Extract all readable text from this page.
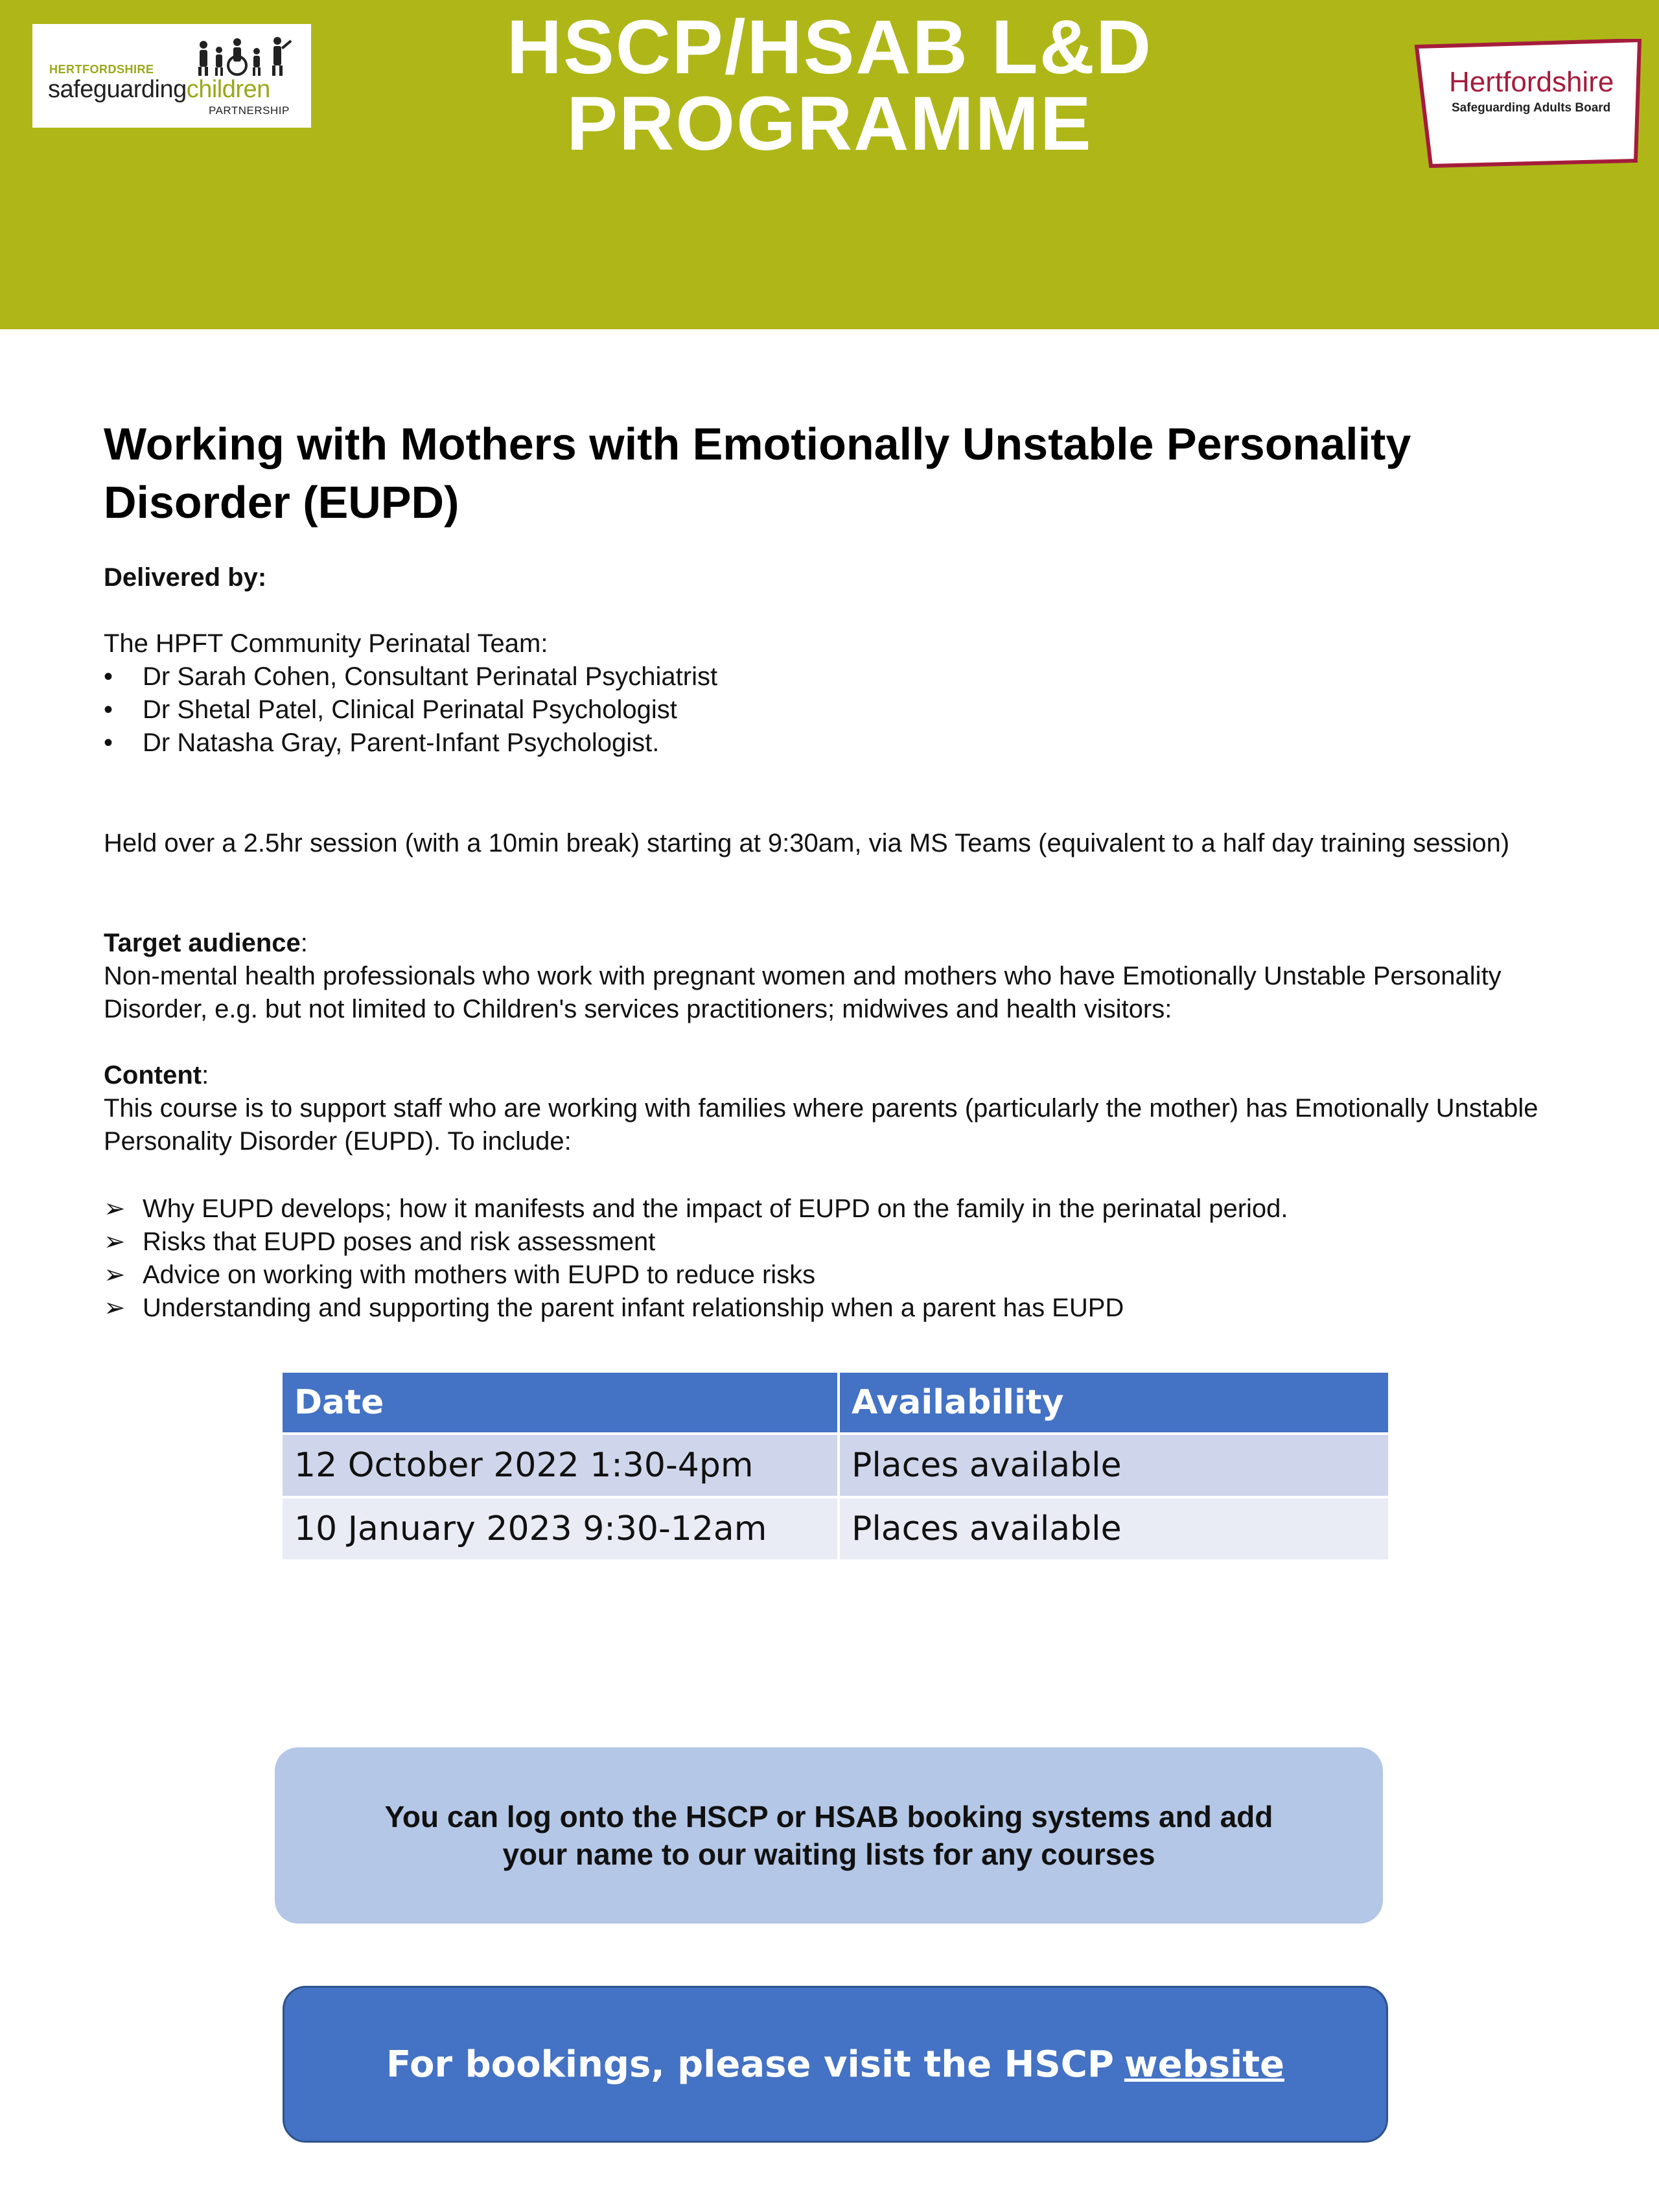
HERTFORDSHIRE
safeguardingchildren
PARTNERSHIP
HSCP/HSAB L&D
PROGRAMME	Hertfordshire
Safeguarding Adults Board
Working with Mothers with Emotionally Unstable Personality Disorder (EUPD)
Delivered by:
The HPFT Community Perinatal Team:
• Dr Sarah Cohen, Consultant Perinatal Psychiatrist
• Dr Shetal Patel, Clinical Perinatal Psychologist
• Dr Natasha Gray, Parent-Infant Psychologist.
Held over a 2.5hr session (with a 10min break) starting at 9:30am, via MS Teams (equivalent to a half day training session)
Target audience:
Non-mental health professionals who work with pregnant women and mothers who have Emotionally Unstable Personality Disorder, e.g. but not limited to Children's services practitioners; midwives and health visitors:
Content:
This course is to support staff who are working with families where parents (particularly the mother) has Emotionally Unstable Personality Disorder (EUPD). To include:
➢ Why EUPD develops; how it manifests and the impact of EUPD on the family in the perinatal period.
➢ Risks that EUPD poses and risk assessment
➢ Advice on working with mothers with EUPD to reduce risks
➢ Understanding and supporting the parent infant relationship when a parent has EUPD
Date	Availability
12 October 2022 1:30-4pm	Places available
10 January 2023 9:30-12am	Places available
You can log onto the HSCP or HSAB booking systems and add your name to our waiting lists for any courses
For bookings, please visit the HSCP website
